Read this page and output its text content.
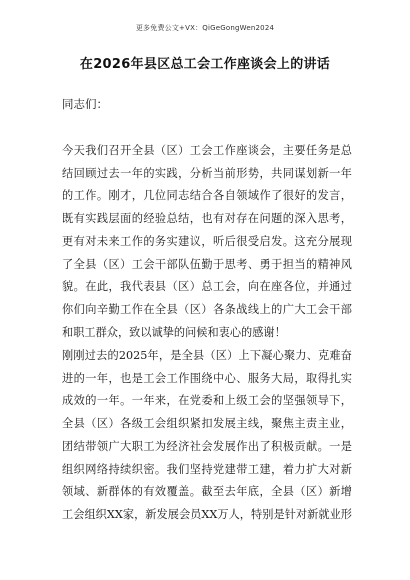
更多免费公文+VX：QiGeGongWen2024
在2026年县区总工会工作座谈会上的讲话
同志们：
今天我们召开全县（区）工会工作座谈会，主要任务是总
结回顾过去一年的实践，分析当前形势，共同谋划新一年
的工作。刚才，几位同志结合各自领域作了很好的发言，
既有实践层面的经验总结，也有对存在问题的深入思考，
更有对未来工作的务实建议，听后很受启发。这充分展现
了全县（区）工会干部队伍勤于思考、勇于担当的精神风
貌。在此，我代表县（区）总工会，向在座各位，并通过
你们向辛勤工作在全县（区）各条战线上的广大工会干部
和职工群众，致以诚挚的问候和衷心的感谢！
刚刚过去的2025年，是全县（区）上下凝心聚力、克难奋
进的一年，也是工会工作围绕中心、服务大局，取得扎实
成效的一年。一年来，在党委和上级工会的坚强领导下，
全县（区）各级工会组织紧扣发展主线，聚焦主责主业，
团结带领广大职工为经济社会发展作出了积极贡献。一是
组织网络持续织密。我们坚持党建带工建，着力扩大对新
领域、新群体的有效覆盖。截至去年底，全县（区）新增
工会组织XX家，新发展会员XX万人，特别是针对新就业形
